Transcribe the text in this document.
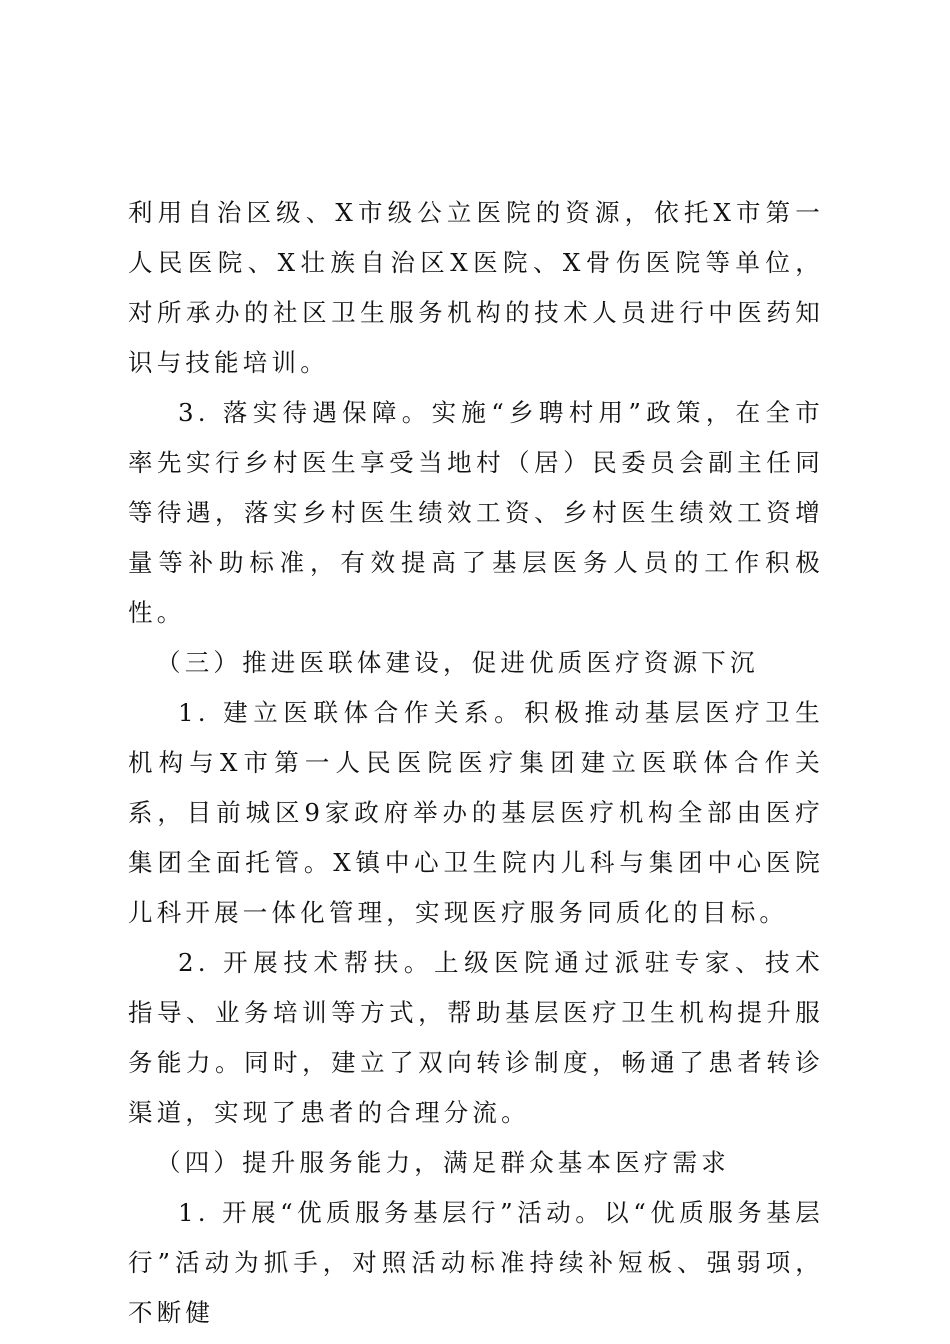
利用自治区级、X市级公立医院的资源，依托X市第一人民医院、X壮族自治区X医院、X骨伤医院等单位，对所承办的社区卫生服务机构的技术人员进行中医药知识与技能培训。

3. 落实待遇保障。实施“乡聘村用”政策，在全市率先实行乡村医生享受当地村（居）民委员会副主任同等待遇，落实乡村医生绩效工资、乡村医生绩效工资增量等补助标准，有效提高了基层医务人员的工作积极性。

（三）推进医联体建设，促进优质医疗资源下沉

1. 建立医联体合作关系。积极推动基层医疗卫生机构与X市第一人民医院医疗集团建立医联体合作关系，目前城区9家政府举办的基层医疗机构全部由医疗集团全面托管。X镇中心卫生院内儿科与集团中心医院儿科开展一体化管理，实现医疗服务同质化的目标。

2. 开展技术帮扶。上级医院通过派驻专家、技术指导、业务培训等方式，帮助基层医疗卫生机构提升服务能力。同时，建立了双向转诊制度，畅通了患者转诊渠道，实现了患者的合理分流。

（四）提升服务能力，满足群众基本医疗需求

1. 开展“优质服务基层行”活动。以“优质服务基层行”活动为抓手，对照活动标准持续补短板、强弱项，不断健
